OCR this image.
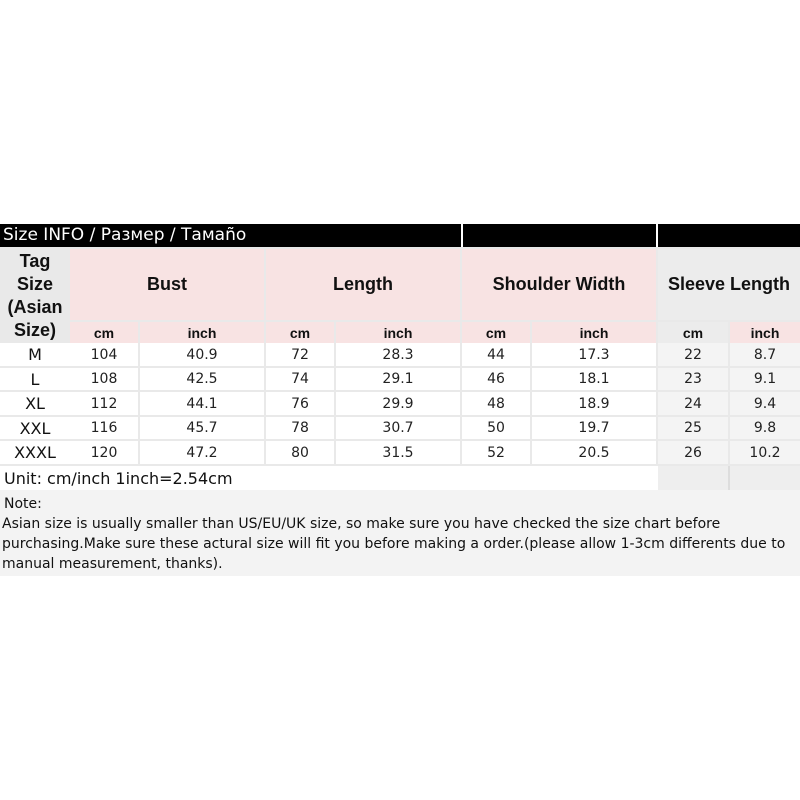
Size INFO / Размер / Тамаño
Tag Size (Asian Size)
Bust	Length	Shoulder Width	Sleeve Length
cm	inch	cm	inch	cm	inch	cm	inch
M	104	40.9	72	28.3	44	17.3	22	8.7
L	108	42.5	74	29.1	46	18.1	23	9.1
XL	112	44.1	76	29.9	48	18.9	24	9.4
XXL	116	45.7	78	30.7	50	19.7	25	9.8
XXXL	120	47.2	80	31.5	52	20.5	26	10.2
Unit: cm/inch 1inch=2.54cm
Note:
Asian size is usually smaller than US/EU/UK size, so make sure you have checked the size chart before
purchasing.Make sure these actural size will fit you before making a order.(please allow 1-3cm differents due to
manual measurement, thanks).
